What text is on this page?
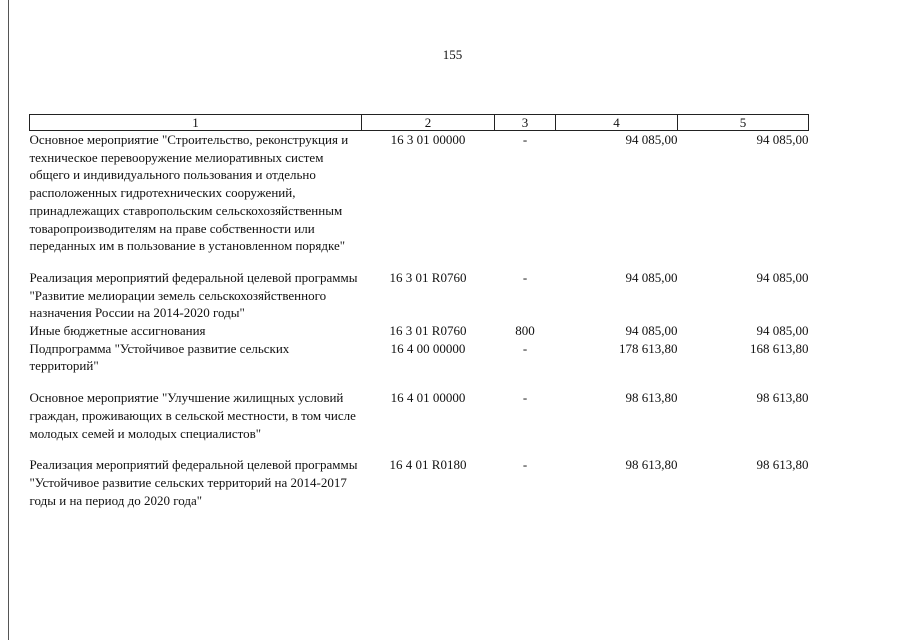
155
1	2	3	4	5
Основное мероприятие "Строительство, реконструкция и техническое перевооружение мелиоративных систем общего и индивидуального пользования и отдельно расположенных гидротехнических сооружений, принадлежащих ставропольским сельскохозяйственным товаропроизводителям на праве собственности или переданных им в пользование в установленном порядке"	16 3 01 00000	-	94 085,00	94 085,00
Реализация мероприятий федеральной целевой программы "Развитие мелиорации земель сельскохозяйственного назначения России на 2014-2020 годы"	16 3 01 R0760	-	94 085,00	94 085,00
Иные бюджетные ассигнования	16 3 01 R0760	800	94 085,00	94 085,00
Подпрограмма "Устойчивое развитие сельских территорий"	16 4 00 00000	-	178 613,80	168 613,80
Основное мероприятие "Улучшение жилищных условий граждан, проживающих в сельской местности, в том числе молодых семей и молодых специалистов"	16 4 01 00000	-	98 613,80	98 613,80
Реализация мероприятий федеральной целевой программы "Устойчивое развитие сельских территорий на 2014-2017 годы и на период до 2020 года"	16 4 01 R0180	-	98 613,80	98 613,80
